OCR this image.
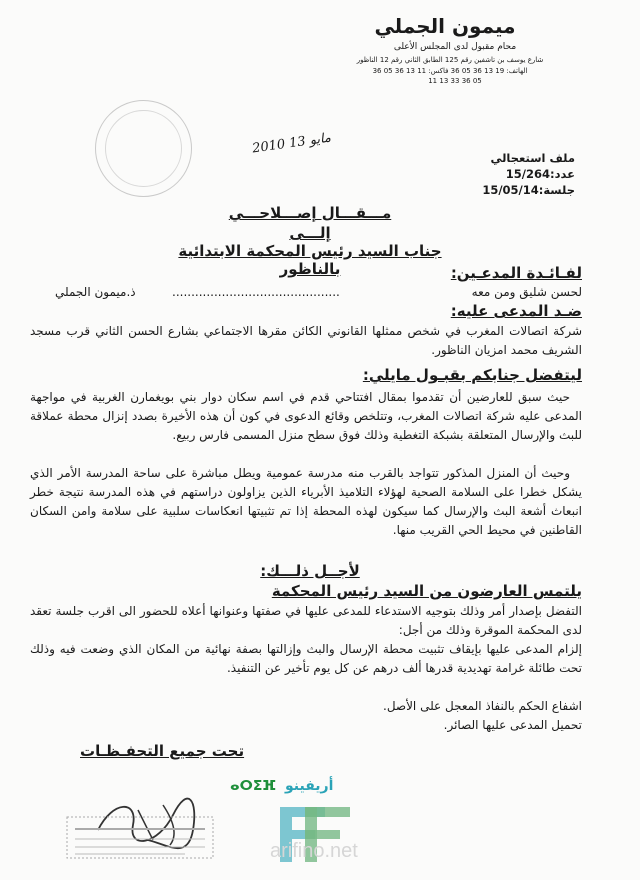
ميمون الجملي
محام مقبول لدى المجلس الأعلى
شارع يوسف بن تاشفين رقم 125 الطابق الثاني رقم 12 الناظور
الهاتف: 19 13 36 05 36 فاكس: 11 13 36 05 36
05 36 33 13 11
2010 مايو 13
ملف استعجالي
عدد:15/264
جلسة:15/05/14
مـــقـــال إصـــلاحـــي
إلـــى
جناب السيد رئيس المحكمة الابتدائية بالناظور	لفـائـدة المدعـين:
لحسن شليق ومن معه
............................................
ذ.ميمون الجملي
ضـد المدعى عليه:
شركة اتصالات المغرب في شخص ممثلها القانوني الكائن مقرها الاجتماعي بشارع الحسن الثاني قرب مسجد الشريف محمد امزيان الناظور.
ليتفضل جنابكم بقبـول مايلي:
حيث سبق للعارضين أن تقدموا بمقال افتتاحي قدم في اسم سكان دوار بني بويغمارن الغربية في مواجهة المدعى عليه شركة اتصالات المغرب، وتتلخص وقائع الدعوى في كون أن هذه الأخيرة بصدد إنزال محطة عملاقة للبث والإرسال المتعلقة بشبكة التغطية وذلك فوق سطح منزل المسمى فارس ربيع.
وحيث أن المنزل المذكور تتواجد بالقرب منه مدرسة عمومية ويطل مباشرة على ساحة المدرسة الأمر الذي يشكل خطرا على السلامة الصحية لهؤلاء التلاميذ الأبرياء الذين يزاولون دراستهم في هذه المدرسة نتيجة خطر انبعاث أشعة البث والإرسال كما سيكون لهذه المحطة إذا تم تثبيتها انعكاسات سلبية على سلامة وامن السكان القاطنين في محيط الحي القريب منها.
لأجــل ذلـــك:
يلتمس العارضون من السيد رئيس المحكمة
التفضل بإصدار أمر وذلك بتوجيه الاستدعاء للمدعى عليها في صفتها وعنوانها أعلاه للحضور الى اقرب جلسة تعقد لدى المحكمة الموقرة وذلك من أجل:
إلزام المدعى عليها بإيقاف تثبيت محطة الإرسال والبث وإزالتها بصفة نهائية من المكان الذي وضعت فيه وذلك تحت طائلة غرامة تهديدية قدرها ألف درهم عن كل يوم تأخير عن التنفيذ.
اشفاع الحكم بالنفاذ المعجل على الأصل.
تحميل المدعى عليها الصائر.
تحت جميع التحفـظـات
ⴰⵔⵉⴼ أريفينو
arifino.net
